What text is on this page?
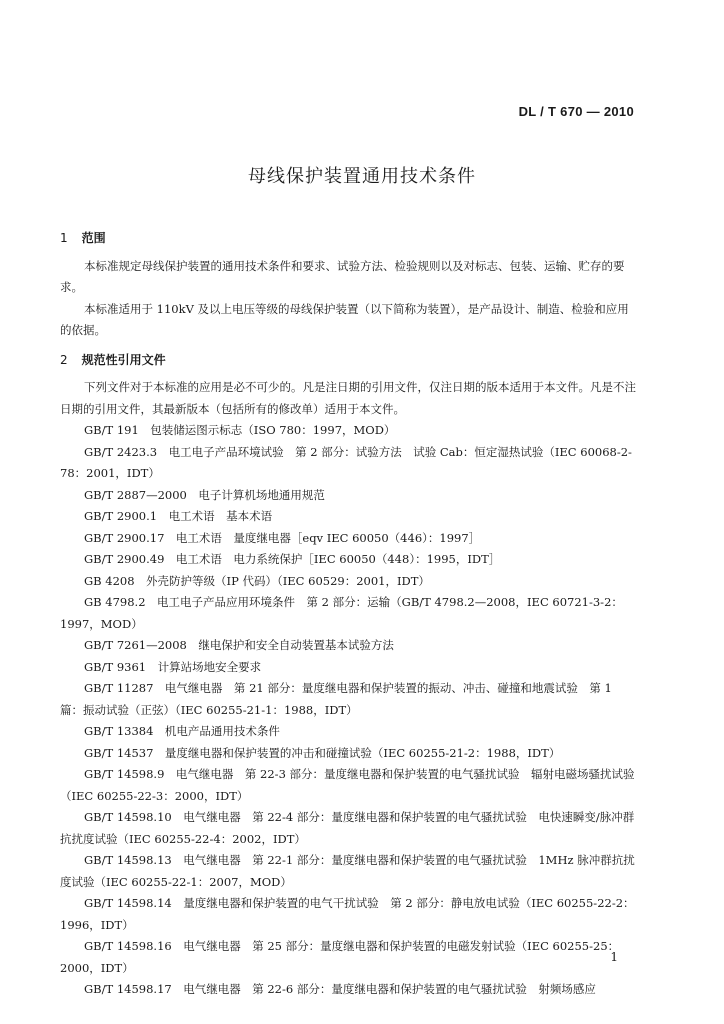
DL / T 670 — 2010
母线保护装置通用技术条件

1 范围

本标准规定母线保护装置的通用技术条件和要求、试验方法、检验规则以及对标志、包装、运输、贮存的要求。

本标准适用于 110kV 及以上电压等级的母线保护装置（以下简称为装置），是产品设计、制造、检验和应用的依据。

2 规范性引用文件

下列文件对于本标准的应用是必不可少的。凡是注日期的引用文件，仅注日期的版本适用于本文件。凡是不注日期的引用文件，其最新版本（包括所有的修改单）适用于本文件。

GB/T 191　包装储运图示标志（ISO 780：1997，MOD）

GB/T 2423.3　电工电子产品环境试验　第 2 部分：试验方法　试验 Cab：恒定湿热试验（IEC 60068-2-78：2001，IDT）

GB/T 2887—2000　电子计算机场地通用规范

GB/T 2900.1　电工术语　基本术语

GB/T 2900.17　电工术语　量度继电器［eqv IEC 60050（446）：1997］

GB/T 2900.49　电工术语　电力系统保护［IEC 60050（448）：1995，IDT］

GB 4208　外壳防护等级（IP 代码）（IEC 60529：2001，IDT）

GB 4798.2　电工电子产品应用环境条件　第 2 部分：运输（GB/T 4798.2—2008，IEC 60721-3-2：1997，MOD）

GB/T 7261—2008　继电保护和安全自动装置基本试验方法

GB/T 9361　计算站场地安全要求

GB/T 11287　电气继电器　第 21 部分：量度继电器和保护装置的振动、冲击、碰撞和地震试验　第 1 篇：振动试验（正弦）（IEC 60255-21-1：1988，IDT）

GB/T 13384　机电产品通用技术条件

GB/T 14537　量度继电器和保护装置的冲击和碰撞试验（IEC 60255-21-2：1988，IDT）

GB/T 14598.9　电气继电器　第 22-3 部分：量度继电器和保护装置的电气骚扰试验　辐射电磁场骚扰试验（IEC 60255-22-3：2000，IDT）

GB/T 14598.10　电气继电器　第 22-4 部分：量度继电器和保护装置的电气骚扰试验　电快速瞬变/脉冲群抗扰度试验（IEC 60255-22-4：2002，IDT）

GB/T 14598.13　电气继电器　第 22-1 部分：量度继电器和保护装置的电气骚扰试验　1MHz 脉冲群抗扰度试验（IEC 60255-22-1：2007，MOD）

GB/T 14598.14　量度继电器和保护装置的电气干扰试验　第 2 部分：静电放电试验（IEC 60255-22-2：1996，IDT）

GB/T 14598.16　电气继电器　第 25 部分：量度继电器和保护装置的电磁发射试验（IEC 60255-25：2000，IDT）

GB/T 14598.17　电气继电器　第 22-6 部分：量度继电器和保护装置的电气骚扰试验　射频场感应

1
